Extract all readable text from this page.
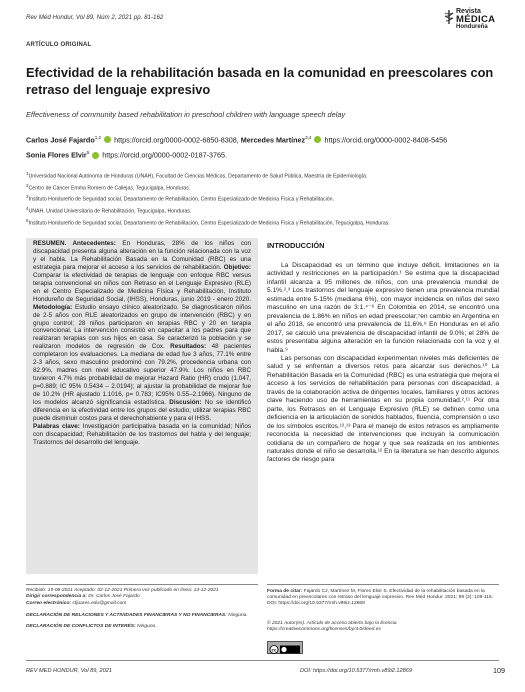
Rev Méd Hondur, Vol 89, Núm 2, 2021 pp. 81-162
Revista
MÉDICA
Hondureña
ARTÍCULO ORIGINAL
Efectividad de la rehabilitación basada en la comunidad en preescolares con retraso del lenguaje expresivo
Effectiveness of community based rehabilitation in preschool children with language speech delay
Carlos José Fajardo$^{1,2}$ https://orcid.org/0000-0002-6850-8308, Mercedes Martínez$^{3,4}$ https://orcid.org/0000-0002-8408-5456
Sonia Flores Elvir$^5$ https://orcid.org/0000-0002-0187-3765.
$^1$Universidad Nacional Autónoma de Honduras (UNAH), Facultad de Ciencias Médicas, Departamento de Salud Pública, Maestría de Epidemiología.
$^2$Centro de Cáncer Emma Romero de Callejas, Tegucigalpa, Honduras.
$^3$Instituto Hondureño de Seguridad social, Departamento de Rehabilitación, Centro Especializado de Medicina Física y Rehabilitación.
$^4$UNAH, Unidad Universitaria de Rehabilitación, Tegucigalpa, Honduras.
$^5$Instituto Hondureño de Seguridad social, Departamento de Rehabilitación, Centro Especializado de Medicina Física y Rehabilitación, Tegucigalpa, Honduras.
RESUMEN. Antecedentes: En Honduras, 28% de los niños con discapacidad presenta alguna alteración en la función relacionada con la voz y el habla. La Rehabilitación Basada en la Comunidad (RBC) es una estrategia para mejorar el acceso a los servicios de rehabilitación. Objetivo: Comparar la efectividad de terapias de lenguaje con enfoque RBC versus terapia convencional en niños con Retraso en el Lenguaje Expresivo (RLE) en el Centro Especializado de Medicina Física y Rehabilitación, Instituto Hondureño de Seguridad Social, (IHSS), Honduras, junio 2019 - enero 2020. Metodología: Estudio ensayo clínico aleatorizado. Se diagnosticaron niños de 2-5 años con RLE aleatorizados en grupo de intervención (RBC) y en grupo control; 28 niños participaron en terapias RBC y 20 en terapia convencional. La intervención consistió en capacitar a los padres para que realizaran terapias con sus hijos en casa. Se caracterizó la población y se realizaron modelos de regresión de Cox. Resultados: 48 pacientes completaron los evaluaciones. La mediana de edad fue 3 años, 77.1% entre 2-3 años, sexo masculino predominó con 79.2%, procedencia urbana con 82.9%, madres con nivel educativo superior 47.9%. Los niños en RBC tuvieron 4.7% más probabilidad de mejorar Hazard Ratio (HR) crudo (1.047, p=0.889; IC 95% 0.5434 – 2.0194); al ajustar la probabilidad de mejorar fue de 10.2% (HR ajustado 1.1016, p= 0.783; IC95% 0.55–2.1966). Ninguno de los modelos alcanzó significancia estadística. Discusión: No se identificó diferencia en la efectividad entre los grupos del estudio; utilizar terapias RBC puede disminuir costos para el derechohabiente y para el IHSS.
Palabras clave: Investigación participativa basada en la comunidad; Niños con discapacidad; Rehabilitación de los trastornos del habla y del lenguaje; Trastornos del desarrollo del lenguaje.
INTRODUCCIÓN

La Discapacidad es un término que incluye déficit, limitaciones en la actividad y restricciones en la participación.¹ Se estima que la discapacidad infantil alcanza a 95 millones de niños, con una prevalencia mundial de 5.1%.²,³ Los trastornos del lenguaje expresivo tienen una prevalencia mundial estimada entre 5-15% (mediana 6%), con mayor incidencia en niños del sexo masculino en una razón de 3:1.⁴⁻⁶ En Colombia en 2014, se encontró una prevalencia de 1.86% en niños en edad preescolar;⁷en cambio en Argentina en el año 2018, se encontró una prevalencia de 11.6%.⁸ En Honduras en el año 2017, se calculó una prevalencia de discapacidad infantil de 9.0%; el 28% de estos presentaba alguna alteración en la función relacionada con la voz y el habla.⁹

Las personas con discapacidad experimentan niveles más deficientes de salud y se enfrentan a diversos retos para alcanzar sus derechos.¹⁰ La Rehabilitación Basada en la Comunidad (RBC) es una estrategia que mejora el acceso a los servicios de rehabilitación para personas con discapacidad, a través de la colaboración activa de dirigentes locales, familiares y otros actores clave haciendo uso de herramientas en su propia comunidad.²,¹¹ Por otra parte, los Retrasos en el Lenguaje Expresivo (RLE) se definen como una deficiencia en la articulación de sonidos hablados, fluencia, comprensión o uso de los símbolos escritos.¹²,¹³ Para el manejo de estos retrasos es ampliamente reconocida la necesidad de intervenciones que incluyan la comunicación cotidiana de un compañero de hogar y que sea realizada en los ambientes naturales donde el niño se desarrolla.¹² En la literatura se han descrito algunos factores de riesgo para

Recibido: 19-08-2021 Aceptado: 02-12-2021 Primera vez publicado en línea: 14-12-2021
Dirigir correspondencia a: Dr. Carlos José Fajardo
Correo electrónico: cfjuares.edu@gmail.com
DECLARACIÓN DE RELACIONES Y ACTIVIDADES FINANCIERAS Y NO FINANCIERAS: Ninguna.
DECLARACIÓN DE CONFLICTOS DE INTERÉS: Ninguno.
Forma de citar: Fajardo CJ, Martínez M, Flores Elvir S. Efectividad de la rehabilitación basada en la comunidad en preescolares con retraso del lenguaje expresivo. Rev Méd Hondur. 2021; 89 (2): 109-116. DOI: https://doi.org/10.5377/rmh.v89i2.12869
© 2021 Autor(es). Artículo de acceso abierto bajo la licencia https://creativecommons.org/licenses/by/4.0/deed.es
cc
REV MED HONDUR, Vol 89, 2021	DOI: https://doi.org/10.5377/rmh.v89i2.12869	109
